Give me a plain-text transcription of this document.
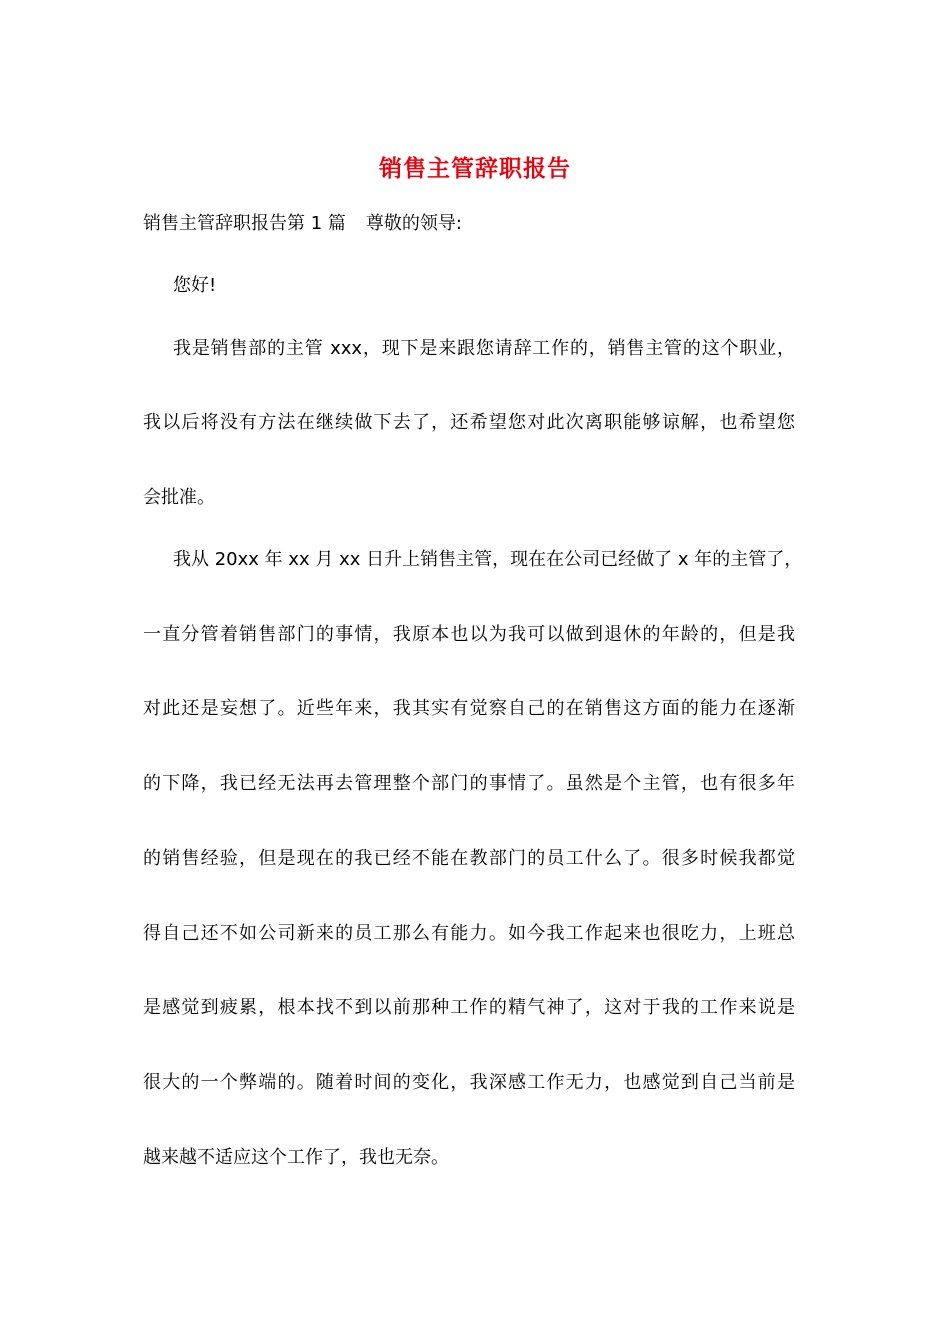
销售主管辞职报告
销售主管辞职报告第 1 篇 尊敬的领导:
您好!
我是销售部的主管 xxx，现下是来跟您请辞工作的，销售主管的这个职业，
我以后将没有方法在继续做下去了，还希望您对此次离职能够谅解，也希望您
会批准。
我从 20xx 年 xx 月 xx 日升上销售主管，现在在公司已经做了 x 年的主管了，
一直分管着销售部门的事情，我原本也以为我可以做到退休的年龄的，但是我
对此还是妄想了。近些年来，我其实有觉察自己的在销售这方面的能力在逐渐
的下降，我已经无法再去管理整个部门的事情了。虽然是个主管，也有很多年
的销售经验，但是现在的我已经不能在教部门的员工什么了。很多时候我都觉
得自己还不如公司新来的员工那么有能力。如今我工作起来也很吃力，上班总
是感觉到疲累，根本找不到以前那种工作的精气神了，这对于我的工作来说是
很大的一个弊端的。随着时间的变化，我深感工作无力，也感觉到自己当前是
越来越不适应这个工作了，我也无奈。
